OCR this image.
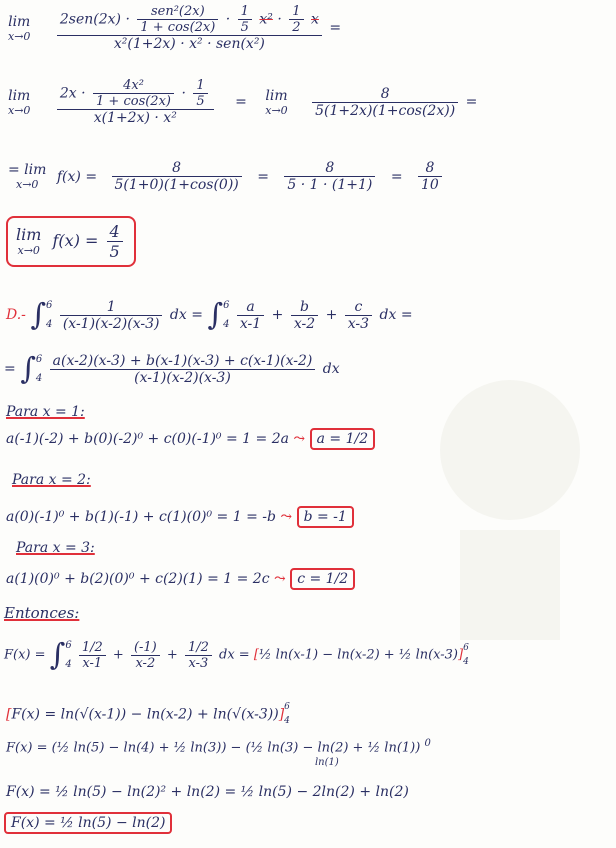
lim
x→0

$2sen(2x) \cdot \frac{\text{sen²(2x)}}{1 + \cos(2x)} \cdot \frac{1}{5} x^2 \cdot \frac{1}{2}$ x
x²(1+2x) · x² · sen(x²)
=
lim
x→0

$2x \cdot \frac{\text{4x²}}{1 + \cos(2x)} \cdot \frac{1}{5}$
x(1+2x) · x²
= lim
x→0
$\frac{8}{5(1+2x)(1+\cos(2x))}$ =
= lim
x→0	$f(x) = \frac{8}{5(1+0)(1+\cos(0))} = \frac{8}{5 \cdot 1 \cdot (1+1)} = \frac{8}{10}$
lim
x→0
$f(x) = \frac{4}{5}$
D.- ∫ 6
4
$\frac{1}{(x-1)(x-2)(x-3)}$ dx = ∫ 6
4
$\frac{a}{x-1} + \frac{b}{x-2} + \frac{c}{x-3}$ dx =
= ∫ 6
4
$\frac{a(x-2)(x-3) + b(x-1)(x-3) + c(x-1)(x-2)}{(x-1)(x-2)(x-3)}$ dx
Para x = 1:
a(-1)(-2) + b(0)(-2)⁰ + c(0)(-1)⁰ = 1 = 2a ⤳ a = 1/2
Para x = 2:
a(0)(-1)⁰ + b(1)(-1) + c(1)(0)⁰ = 1 = -b ⤳ b = -1
Para x = 3:
a(1)(0)⁰ + b(2)(0)⁰ + c(2)(1) = 1 = 2c ⤳ c = 1/2
Entonces:
F(x) = ∫ 6
4
$\frac{1/2}{x-1} + \frac{(-1)}{x-2} + \frac{1/2}{x-3}$ dx = [½ ln(x-1) − ln(x-2) + ½ ln(x-3)] 6
4
[F(x) = ln(√(x-1)) − ln(x-2) + ln(√(x-3))] 6
4
F(x) = (½ ln(5) − ln(4) + ½ ln(3)) − (½ ln(3) − ln(2) + ½ ln(1)) $^0$ $_{ln(1)}$
F(x) = ½ ln(5) − ln(2)² + ln(2) = ½ ln(5) − 2ln(2) + ln(2)
F(x) = ½ ln(5) − ln(2)
